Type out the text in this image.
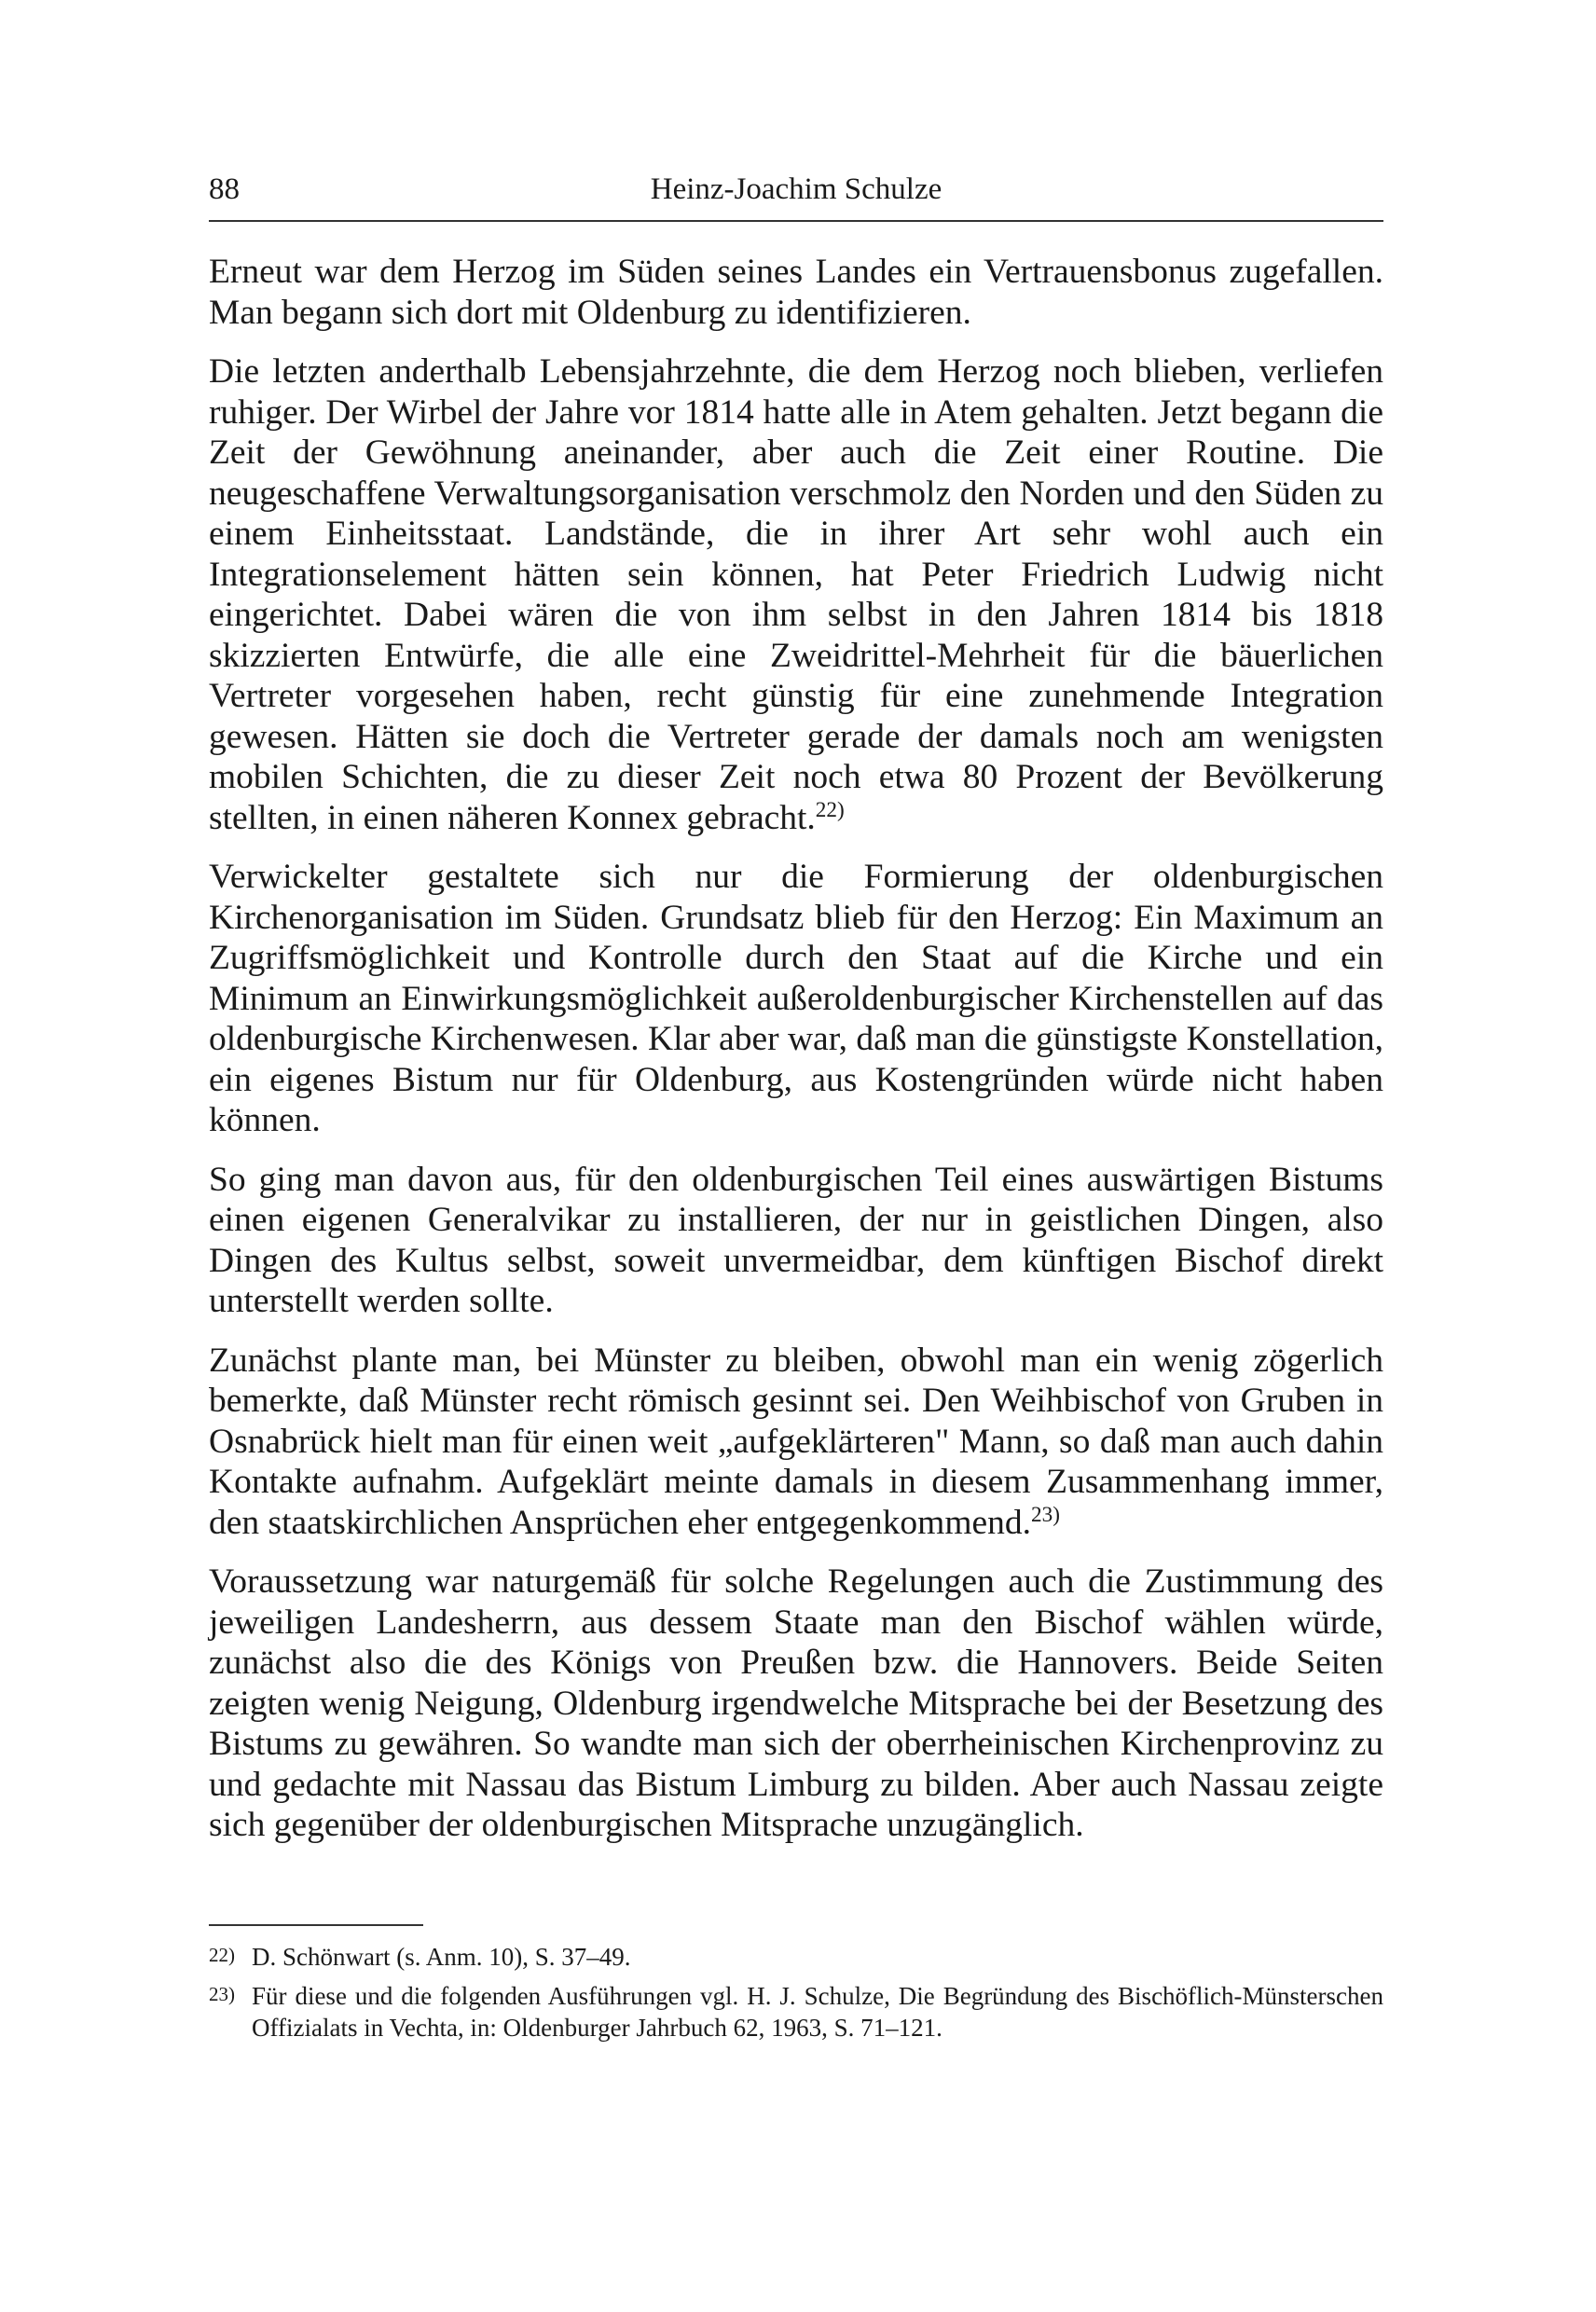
88	Heinz-Joachim Schulze

Erneut war dem Herzog im Süden seines Landes ein Vertrauensbonus zugefallen. Man begann sich dort mit Oldenburg zu identifizieren.

Die letzten anderthalb Lebensjahrzehnte, die dem Herzog noch blieben, verliefen ruhiger. Der Wirbel der Jahre vor 1814 hatte alle in Atem gehalten. Jetzt begann die Zeit der Gewöhnung aneinander, aber auch die Zeit einer Routine. Die neugeschaffene Verwaltungsorganisation verschmolz den Norden und den Süden zu einem Einheitsstaat. Landstände, die in ihrer Art sehr wohl auch ein Integrationselement hätten sein können, hat Peter Friedrich Ludwig nicht eingerichtet. Dabei wären die von ihm selbst in den Jahren 1814 bis 1818 skizzierten Entwürfe, die alle eine Zweidrittel-Mehrheit für die bäuerlichen Vertreter vorgesehen haben, recht günstig für eine zunehmende Integration gewesen. Hätten sie doch die Vertreter gerade der damals noch am wenigsten mobilen Schichten, die zu dieser Zeit noch etwa 80 Prozent der Bevölkerung stellten, in einen näheren Konnex gebracht.$^{22)}$

Verwickelter gestaltete sich nur die Formierung der oldenburgischen Kirchenorganisation im Süden. Grundsatz blieb für den Herzog: Ein Maximum an Zugriffsmöglichkeit und Kontrolle durch den Staat auf die Kirche und ein Minimum an Einwirkungsmöglichkeit außeroldenburgischer Kirchenstellen auf das oldenburgische Kirchenwesen. Klar aber war, daß man die günstigste Konstellation, ein eigenes Bistum nur für Oldenburg, aus Kostengründen würde nicht haben können.

So ging man davon aus, für den oldenburgischen Teil eines auswärtigen Bistums einen eigenen Generalvikar zu installieren, der nur in geistlichen Dingen, also Dingen des Kultus selbst, soweit unvermeidbar, dem künftigen Bischof direkt unterstellt werden sollte.

Zunächst plante man, bei Münster zu bleiben, obwohl man ein wenig zögerlich bemerkte, daß Münster recht römisch gesinnt sei. Den Weihbischof von Gruben in Osnabrück hielt man für einen weit „aufgeklärteren" Mann, so daß man auch dahin Kontakte aufnahm. Aufgeklärt meinte damals in diesem Zusammenhang immer, den staatskirchlichen Ansprüchen eher entgegenkommend.$^{23)}$

Voraussetzung war naturgemäß für solche Regelungen auch die Zustimmung des jeweiligen Landesherrn, aus dessem Staate man den Bischof wählen würde, zunächst also die des Königs von Preußen bzw. die Hannovers. Beide Seiten zeigten wenig Neigung, Oldenburg irgendwelche Mitsprache bei der Besetzung des Bistums zu gewähren. So wandte man sich der oberrheinischen Kirchenprovinz zu und gedachte mit Nassau das Bistum Limburg zu bilden. Aber auch Nassau zeigte sich gegenüber der oldenburgischen Mitsprache unzugänglich.

22) D. Schönwart (s. Anm. 10), S. 37–49.
23) Für diese und die folgenden Ausführungen vgl. H. J. Schulze, Die Begründung des Bischöflich-Münsterschen Offizialats in Vechta, in: Oldenburger Jahrbuch 62, 1963, S. 71–121.
